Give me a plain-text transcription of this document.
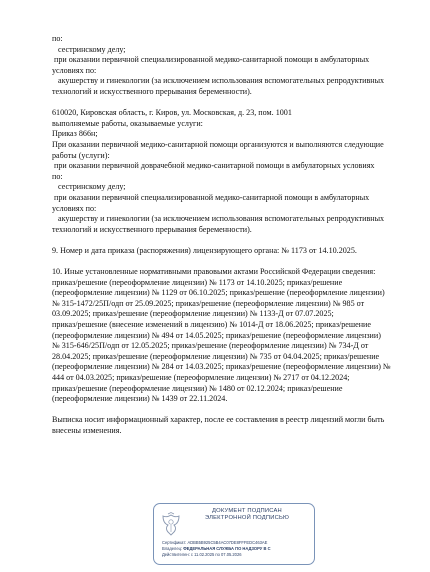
по:
сестринскому делу;
при оказании первичной специализированной медико-санитарной помощи в амбулаторных
условиях по:
акушерству и гинекологии (за исключением использования вспомогательных репродуктивных
технологий и искусственного прерывания беременности).
610020, Кировская область, г. Киров, ул. Московская, д. 23, пом. 1001
выполняемые работы, оказываемые услуги:
Приказ 866н;
При оказании первичной медико-санитарной помощи организуются и выполняются следующие
работы (услуги):
при оказании первичной доврачебной медико-санитарной помощи в амбулаторных условиях
по:
сестринскому делу;
при оказании первичной специализированной медико-санитарной помощи в амбулаторных
условиях по:
акушерству и гинекологии (за исключением использования вспомогательных репродуктивных
технологий и искусственного прерывания беременности).
9. Номер и дата приказа (распоряжения) лицензирующего органа: № 1173 от 14.10.2025.
10. Иные установленные нормативными правовыми актами Российской Федерации сведения:
приказ/решение (переоформление лицензии) № 1173 от 14.10.2025; приказ/решение
(переоформление лицензии) № 1129 от 06.10.2025; приказ/решение (переоформление лицензии)
№ 315-1472/25П/одп от 25.09.2025; приказ/решение (переоформление лицензии) № 985 от
03.09.2025; приказ/решение (переоформление лицензии) № 1133-Д от 07.07.2025;
приказ/решение (внесение изменений в лицензию) № 1014-Д от 18.06.2025; приказ/решение
(переоформление лицензии) № 494 от 14.05.2025; приказ/решение (переоформление лицензии)
№ 315-646/25П/одп от 12.05.2025; приказ/решение (переоформление лицензии) № 734-Д от
28.04.2025; приказ/решение (переоформление лицензии) № 735 от 04.04.2025; приказ/решение
(переоформление лицензии) № 284 от 14.03.2025; приказ/решение (переоформление лицензии) №
444 от 04.03.2025; приказ/решение (переоформление лицензии) № 2717 от 04.12.2024;
приказ/решение (переоформление лицензии) № 1480 от 02.12.2024; приказ/решение
(переоформление лицензии) № 1439 от 22.11.2024.
Выписка носит информационный характер, после ее составления в реестр лицензий могли быть
внесены изменения.
ДОКУМЕНТ ПОДПИСАН
ЭЛЕКТРОННОЙ ПОДПИСЬЮ
Сертификат: ADBB5B925C5B4AC07DE8FFFEDC463AE
Владелец: ФЕДЕРАЛЬНАЯ СЛУЖБА ПО НАДЗОРУ В С
Действителен: с 11.02.2025 по 07.05.2026
